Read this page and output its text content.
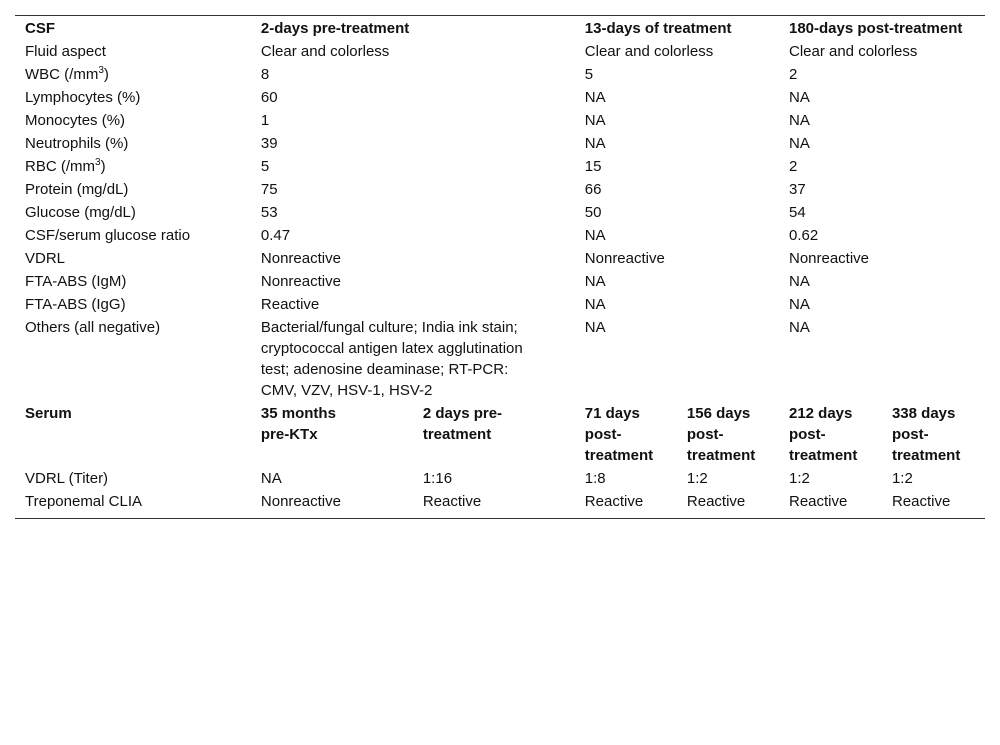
CSF	2-days pre-treatment		13-days of treatment		180-days post-treatment	
Fluid aspect	Clear and colorless		Clear and colorless		Clear and colorless	
WBC $(/mm^3)$	8		5		2	
Lymphocytes (%)	60		NA		NA	
Monocytes (%)	1		NA		NA	
Neutrophils (%)	39		NA		NA	
RBC $(/mm^3)$	5		15		2	
Protein (mg/dL)	75		66		37	
Glucose (mg/dL)	53		50		54	
CSF/serum glucose ratio	0.47		NA		0.62	
VDRL	Nonreactive		Nonreactive		Nonreactive	
FTA-ABS (IgM)	Nonreactive		NA		NA	
FTA-ABS (IgG)	Reactive		NA		NA	
Others (all negative)	Bacterial/fungal culture; India ink stain; cryptococcal antigen latex agglutination test; adenosine deaminase; RT-PCR: CMV, VZV, HSV-1, HSV-2		NA		NA	
Serum	35 months pre-KTx	2 days pre-treatment	71 days post-treatment	156 days post-treatment	212 days post-treatment	338 days post-treatment
VDRL (Titer)	NA	1:16	1:8	1:2	1:2	1:2
Treponemal CLIA	Nonreactive	Reactive	Reactive	Reactive	Reactive	Reactive
